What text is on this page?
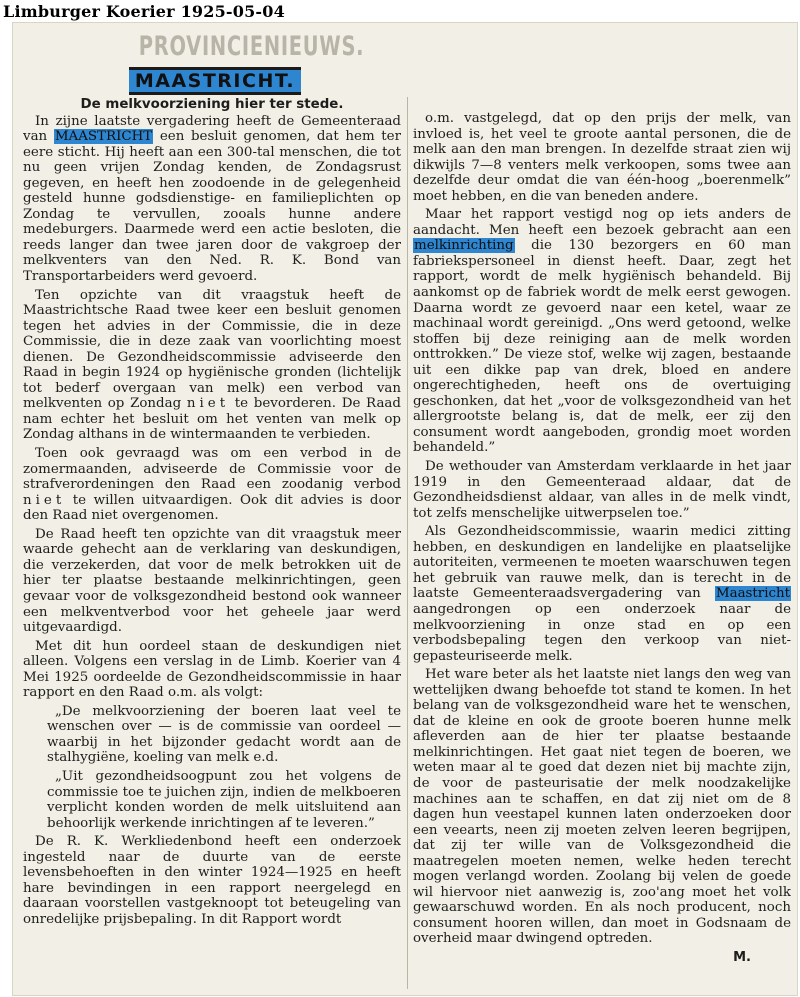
Limburger Koerier 1925-05-04
PROVINCIENIEUWS.
MAASTRICHT.
De melkvoorziening hier ter stede.

In zijne laatste vergadering heeft de Gemeenteraad van MAASTRICHT een besluit genomen, dat hem ter eere sticht. Hij heeft aan een 300-tal menschen, die tot nu geen vrijen Zondag kenden, de Zondagsrust gegeven, en heeft hen zoodoende in de gelegenheid gesteld hunne godsdienstige- en familieplichten op Zondag te vervullen, zooals hunne andere medeburgers. Daarmede werd een actie besloten, die reeds langer dan twee jaren door de vakgroep der melkventers van den Ned. R. K. Bond van Transportarbeiders werd gevoerd.

Ten opzichte van dit vraagstuk heeft de Maastrichtsche Raad twee keer een besluit genomen tegen het advies in der Commissie, die in deze Commissie, die in deze zaak van voorlichting moest dienen. De Gezondheidscommissie adviseerde den Raad in begin 1924 op hygiënische gronden (lichtelijk tot bederf overgaan van melk) een verbod van melkventen op Zondag niet te bevorderen. De Raad nam echter het besluit om het venten van melk op Zondag althans in de wintermaanden te verbieden.

Toen ook gevraagd was om een verbod in de zomermaanden, adviseerde de Commissie voor de strafverordeningen den Raad een zoodanig verbod niet te willen uitvaardigen. Ook dit advies is door den Raad niet overgenomen.

De Raad heeft ten opzichte van dit vraagstuk meer waarde gehecht aan de verklaring van deskundigen, die verzekerden, dat voor de melk betrokken uit de hier ter plaatse bestaande melkinrichtingen, geen gevaar voor de volksgezondheid bestond ook wanneer een melkventverbod voor het geheele jaar werd uitgevaardigd.

Met dit hun oordeel staan de deskundigen niet alleen. Volgens een verslag in de Limb. Koerier van 4 Mei 1925 oordeelde de Gezondheidscommissie in haar rapport en den Raad o.m. als volgt:

„De melkvoorziening der boeren laat veel te wenschen over — is de commissie van oordeel — waarbij in het bijzonder gedacht wordt aan de stalhygiëne, koeling van melk e.d.

„Uit gezondheidsoogpunt zou het volgens de commissie toe te juichen zijn, indien de melkboeren verplicht konden worden de melk uitsluitend aan behoorlijk werkende inrichtingen af te leveren.”

De R. K. Werkliedenbond heeft een onderzoek ingesteld naar de duurte van de eerste levensbehoeften in den winter 1924—1925 en heeft hare bevindingen in een rapport neergelegd en daaraan voorstellen vastgeknoopt tot beteugeling van onredelijke prijsbepaling. In dit Rapport wordt

o.m. vastgelegd, dat op den prijs der melk, van invloed is, het veel te groote aantal personen, die de melk aan den man brengen. In dezelfde straat zien wij dikwijls 7—8 venters melk verkoopen, soms twee aan dezelfde deur omdat die van één-hoog „boerenmelk” moet hebben, en die van beneden andere.

Maar het rapport vestigd nog op iets anders de aandacht. Men heeft een bezoek gebracht aan een melkinrichting die 130 bezorgers en 60 man fabriekspersoneel in dienst heeft. Daar, zegt het rapport, wordt de melk hygiënisch behandeld. Bij aankomst op de fabriek wordt de melk eerst gewogen. Daarna wordt ze gevoerd naar een ketel, waar ze machinaal wordt gereinigd. „Ons werd getoond, welke stoffen bij deze reiniging aan de melk worden onttrokken.” De vieze stof, welke wij zagen, bestaande uit een dikke pap van drek, bloed en andere ongerechtigheden, heeft ons de overtuiging geschonken, dat het „voor de volksgezondheid van het allergrootste belang is, dat de melk, eer zij den consument wordt aangeboden, grondig moet worden behandeld.”

De wethouder van Amsterdam verklaarde in het jaar 1919 in den Gemeenteraad aldaar, dat de Gezondheidsdienst aldaar, van alles in de melk vindt, tot zelfs menschelijke uitwerpselen toe.”

Als Gezondheidscommissie, waarin medici zitting hebben, en deskundigen en landelijke en plaatselijke autoriteiten, vermeenen te moeten waarschuwen tegen het gebruik van rauwe melk, dan is terecht in de laatste Gemeenteraadsvergadering van Maastricht aangedrongen op een onderzoek naar de melkvoorziening in onze stad en op een verbodsbepaling tegen den verkoop van niet-gepasteuriseerde melk.

Het ware beter als het laatste niet langs den weg van wettelijken dwang behoefde tot stand te komen. In het belang van de volksgezondheid ware het te wenschen, dat de kleine en ook de groote boeren hunne melk afleverden aan de hier ter plaatse bestaande melkinrichtingen. Het gaat niet tegen de boeren, we weten maar al te goed dat dezen niet bij machte zijn, de voor de pasteurisatie der melk noodzakelijke machines aan te schaffen, en dat zij niet om de 8 dagen hun veestapel kunnen laten onderzoeken door een veearts, neen zij moeten zelven leeren begrijpen, dat zij ter wille van de Volksgezondheid die maatregelen moeten nemen, welke heden terecht mogen verlangd worden. Zoolang bij velen de goede wil hiervoor niet aanwezig is, zoo'ang moet het volk gewaarschuwd worden. En als noch producent, noch consument hooren willen, dan moet in Godsnaam de overheid maar dwingend optreden.

M.
